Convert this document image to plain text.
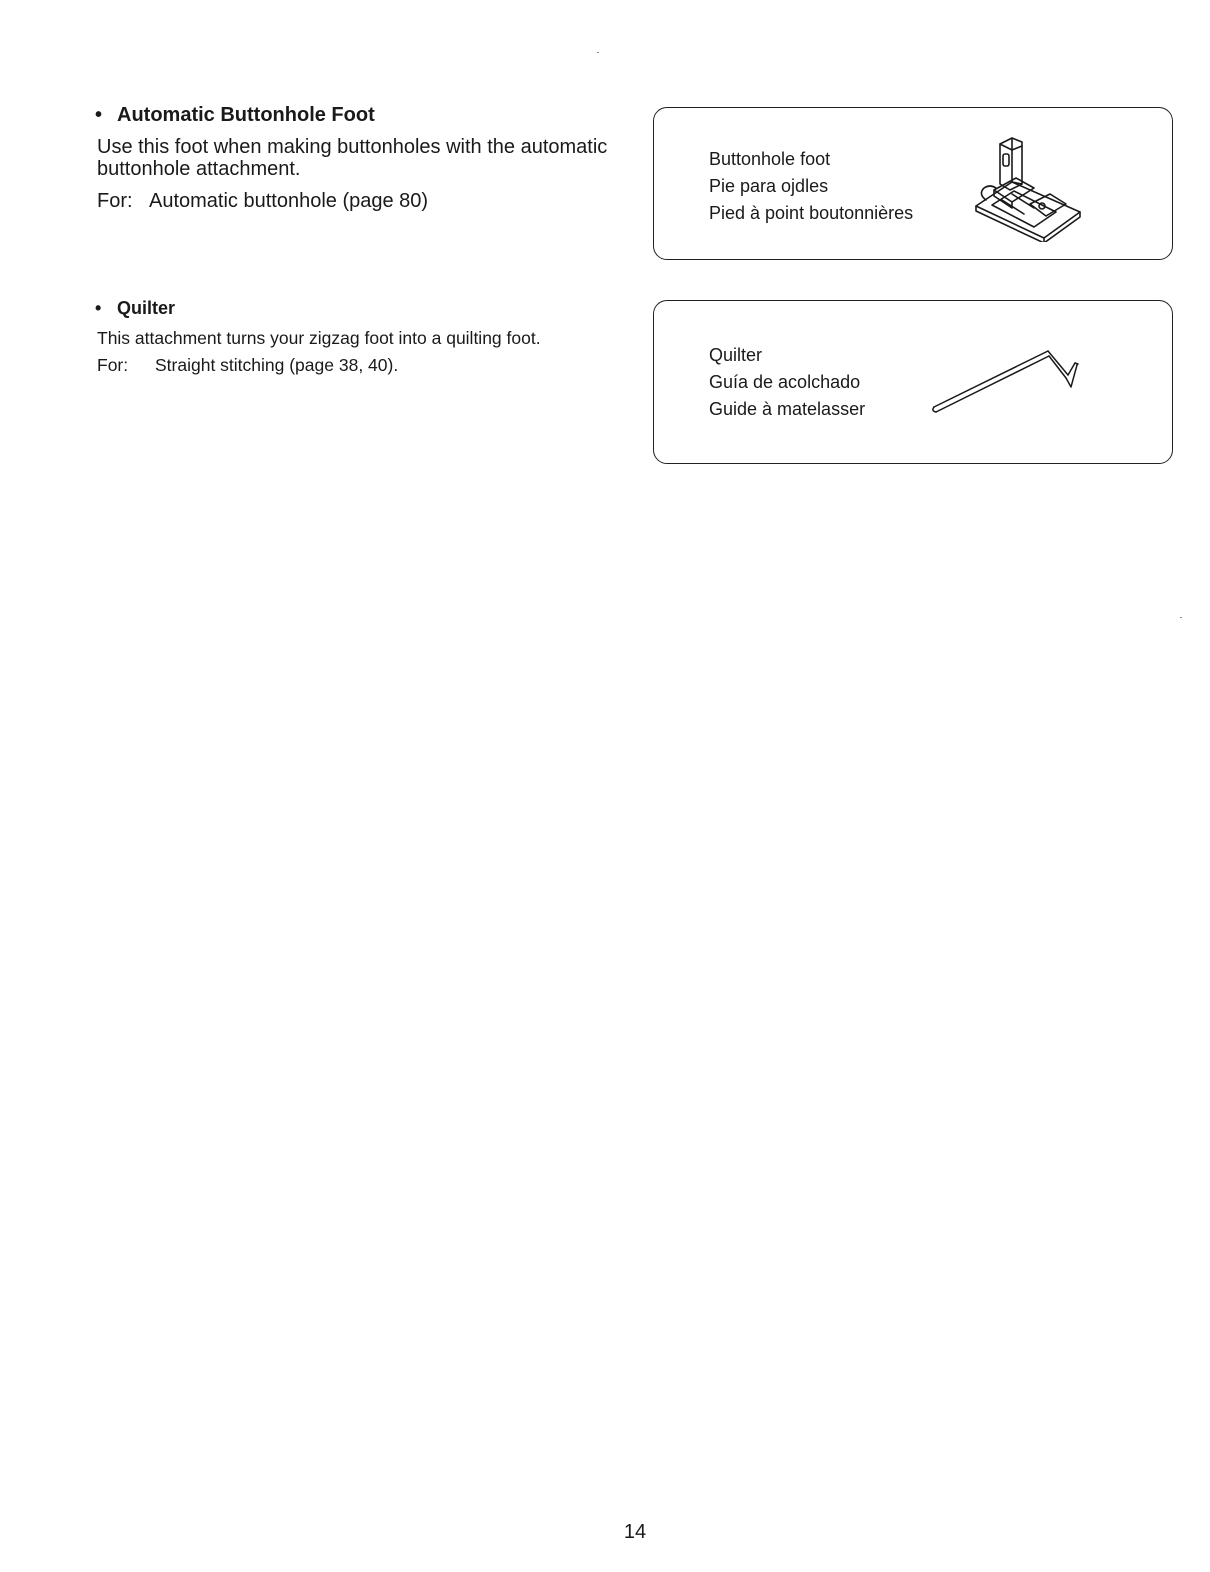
• Automatic Buttonhole Foot

Use this foot when making buttonholes with the automatic buttonhole attachment.

For: Automatic buttonhole (page 80)

Buttonhole foot
Pie para ojdles
Pied à point boutonnières
• Quilter

This attachment turns your zigzag foot into a quilting foot.

For: Straight stitching (page 38, 40).	Quilter
Guía de acolchado
Guide à matelasser
14
